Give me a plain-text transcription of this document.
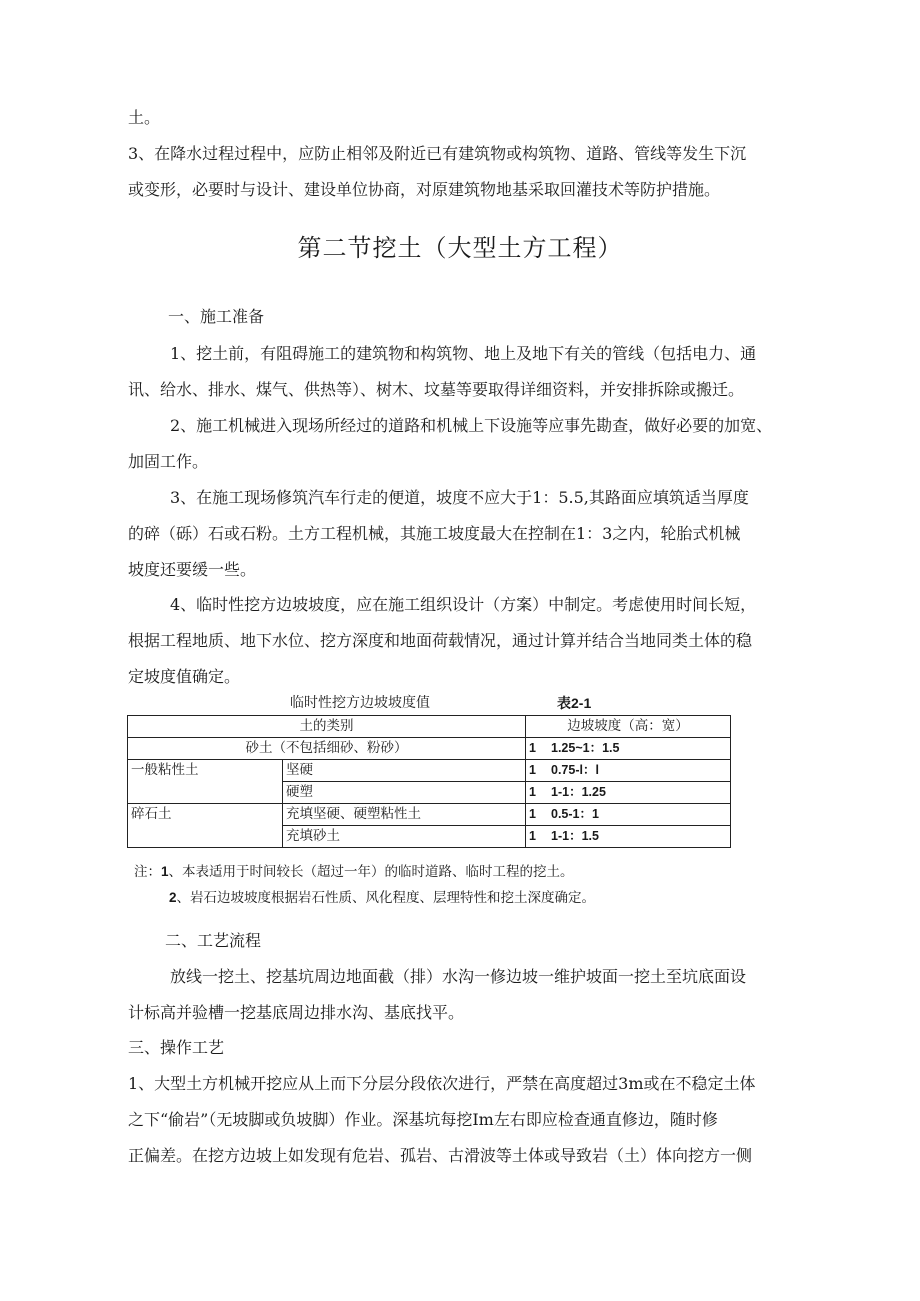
土。
3、在降水过程过程中，应防止相邻及附近已有建筑物或构筑物、道路、管线等发生下沉
或变形，必要时与设计、建设单位协商，对原建筑物地基采取回灌技术等防护措施。
第二节挖土（大型土方工程）
一、施工准备
1、挖土前，有阻碍施工的建筑物和构筑物、地上及地下有关的管线（包括电力、通
讯、给水、排水、煤气、供热等）、树木、坟墓等要取得详细资料，并安排拆除或搬迁。
2、施工机械进入现场所经过的道路和机械上下设施等应事先勘查，做好必要的加宽、
加固工作。
3、在施工现场修筑汽车行走的便道，坡度不应大于1：5.5,其路面应填筑适当厚度
的碎（砾）石或石粉。土方工程机械，其施工坡度最大在控制在1：3之内，轮胎式机械
坡度还要缓一些。
4、临时性挖方边坡坡度，应在施工组织设计（方案）中制定。考虑使用时间长短，
根据工程地质、地下水位、挖方深度和地面荷载情况，通过计算并结合当地同类土体的稳
定坡度值确定。
临时性挖方边坡坡度值	表2-1
土的类别		边坡坡度（高：宽）	
砂土（不包括细砂、粉砂）		1	1.25~1：1.5
一般粘性土	坚硬	1	0.75-l：l
	硬塑	1	1-1：1.25
碎石土	充填坚硬、硬塑粘性土	1	0.5-1：1
	充填砂土	1	1-1：1.5
注：1、本表适用于时间较长（超过一年）的临时道路、临时工程的挖土。
2、岩石边坡坡度根据岩石性质、风化程度、层理特性和挖土深度确定。
二、工艺流程
放线一挖土、挖基坑周边地面截（排）水沟一修边坡一维护坡面一挖土至坑底面设
计标高并验槽一挖基底周边排水沟、基底找平。
三、操作工艺
1、大型土方机械开挖应从上而下分层分段依次进行，严禁在高度超过3m或在不稳定土体
之下“偷岩”（无坡脚或负坡脚）作业。深基坑每挖Im左右即应检查通直修边，随时修
正偏差。在挖方边坡上如发现有危岩、孤岩、古滑波等土体或导致岩（土）体向挖方一侧
